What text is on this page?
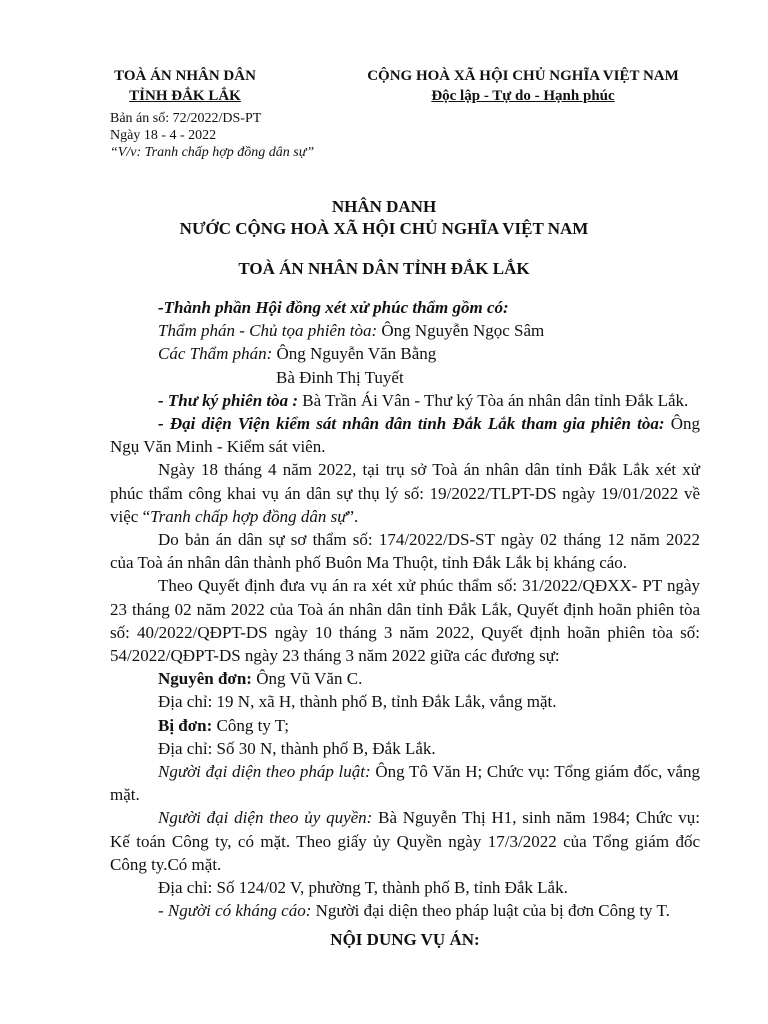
TOÀ ÁN NHÂN DÂN
TỈNH ĐẮK LẮK
CỘNG HOÀ XÃ HỘI CHỦ NGHĨA VIỆT NAM
Độc lập - Tự do - Hạnh phúc
Bản án số: 72/2022/DS-PT
Ngày 18 - 4 - 2022
“V/v: Tranh chấp hợp đồng dân sự”
NHÂN DANH
NƯỚC CỘNG HOÀ XÃ HỘI CHỦ NGHĨA VIỆT NAM
TOÀ ÁN NHÂN DÂN TỈNH ĐẮK LẮK

-Thành phần Hội đồng xét xử phúc thẩm gồm có:

Thẩm phán - Chủ tọa phiên tòa: Ông Nguyễn Ngọc Sâm

Các Thẩm phán: Ông Nguyễn Văn Bằng

Bà Đinh Thị Tuyết

- Thư ký phiên tòa : Bà Trần Ái Vân - Thư ký Tòa án nhân dân tỉnh Đắk Lắk.

- Đại diện Viện kiểm sát nhân dân tỉnh Đắk Lắk tham gia phiên tòa: Ông Ngụ Văn Minh - Kiểm sát viên.

Ngày 18 tháng 4 năm 2022, tại trụ sở Toà án nhân dân tỉnh Đắk Lắk xét xử phúc thẩm công khai vụ án dân sự thụ lý số: 19/2022/TLPT-DS ngày 19/01/2022 về việc “Tranh chấp hợp đồng dân sự”.

Do bản án dân sự sơ thẩm số: 174/2022/DS-ST ngày 02 tháng 12 năm 2022 của Toà án nhân dân thành phố Buôn Ma Thuột, tỉnh Đắk Lắk bị kháng cáo.

Theo Quyết định đưa vụ án ra xét xử phúc thẩm số: 31/2022/QĐXX- PT ngày 23 tháng 02 năm 2022 của Toà án nhân dân tỉnh Đắk Lắk, Quyết định hoãn phiên tòa số: 40/2022/QĐPT-DS ngày 10 tháng 3 năm 2022, Quyết định hoãn phiên tòa số: 54/2022/QĐPT-DS ngày 23 tháng 3 năm 2022 giữa các đương sự:

Nguyên đơn: Ông Vũ Văn C.

Địa chỉ: 19 N, xã H, thành phố B, tỉnh Đắk Lắk, vắng mặt.

Bị đơn: Công ty T;

Địa chỉ: Số 30 N, thành phố B, Đắk Lắk.

Người đại diện theo pháp luật: Ông Tô Văn H; Chức vụ: Tổng giám đốc, vắng mặt.

Người đại diện theo ủy quyền: Bà Nguyễn Thị H1, sinh năm 1984; Chức vụ: Kế toán Công ty, có mặt. Theo giấy ủy Quyền ngày 17/3/2022 của Tổng giám đốc Công ty.Có mặt.

Địa chỉ: Số 124/02 V, phường T, thành phố B, tỉnh Đắk Lắk.

- Người có kháng cáo: Người đại diện theo pháp luật của bị đơn Công ty T.

NỘI DUNG VỤ ÁN:
